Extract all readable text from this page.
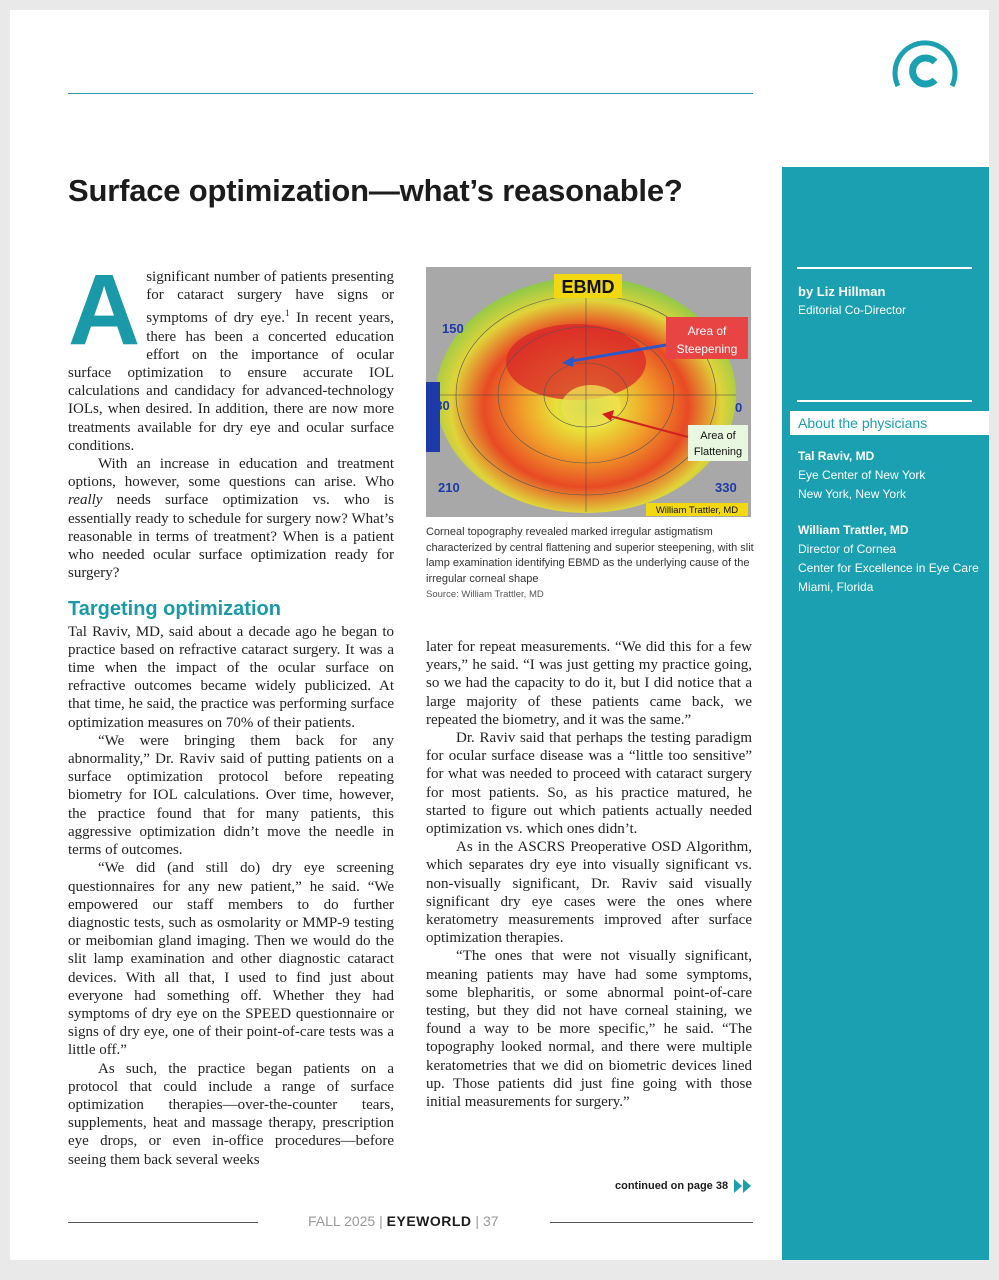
Surface optimization—what’s reasonable?
A significant number of patients presenting for cataract surgery have signs or symptoms of dry eye.$^1$ In recent years, there has been a concerted education effort on the importance of ocular surface optimization to ensure accurate IOL calculations and candidacy for advanced-technology IOLs, when desired. In addition, there are now more treatments available for dry eye and ocular surface conditions.

With an increase in education and treatment options, however, some questions can arise. Who really needs surface optimization vs. who is essentially ready to schedule for surgery now? What’s reasonable in terms of treatment? When is a patient who needed ocular surface optimization ready for surgery?

Targeting optimization

Tal Raviv, MD, said about a decade ago he began to practice based on refractive cataract surgery. It was a time when the impact of the ocular surface on refractive outcomes became widely publicized. At that time, he said, the practice was performing surface optimization measures on 70% of their patients.

“We were bringing them back for any abnormality,” Dr. Raviv said of putting patients on a surface optimization protocol before repeating biometry for IOL calculations. Over time, however, the practice found that for many patients, this aggressive optimization didn’t move the needle in terms of outcomes.

“We did (and still do) dry eye screening questionnaires for any new patient,” he said. “We empowered our staff members to do further diagnostic tests, such as osmolarity or MMP-9 testing or meibomian gland imaging. Then we would do the slit lamp examination and other diagnostic cataract devices. With all that, I used to find just about everyone had something off. Whether they had symptoms of dry eye on the SPEED questionnaire or signs of dry eye, one of their point-of-care tests was a little off.”

As such, the practice began patients on a protocol that could include a range of surface optimization therapies—over-the-counter tears, supplements, heat and massage therapy, prescription eye drops, or even in-office procedures—before seeing them back several weeks

EBMD
150
180	0
210	330
Area of
Steepening
Area of
Flattening
William Trattler, MD
Corneal topography revealed marked irregular astigmatism characterized by central flattening and superior steepening, with slit lamp examination identifying EBMD as the underlying cause of the irregular corneal shape
Source: William Trattler, MD

later for repeat measurements. “We did this for a few years,” he said. “I was just getting my practice going, so we had the capacity to do it, but I did notice that a large majority of these patients came back, we repeated the biometry, and it was the same.”

Dr. Raviv said that perhaps the testing paradigm for ocular surface disease was a “little too sensitive” for what was needed to proceed with cataract surgery for most patients. So, as his practice matured, he started to figure out which patients actually needed optimization vs. which ones didn’t.

As in the ASCRS Preoperative OSD Algorithm, which separates dry eye into visually significant vs. non-visually significant, Dr. Raviv said visually significant dry eye cases were the ones where keratometry measurements improved after surface optimization therapies.

“The ones that were not visually significant, meaning patients may have had some symptoms, some blepharitis, or some abnormal point-of-care testing, but they did not have corneal staining, we found a way to be more specific,” he said. “The topography looked normal, and there were multiple keratometries that we did on biometric devices lined up. Those patients did just fine going with those initial measurements for surgery.”

continued on page 38
by Liz Hillman
Editorial Co-Director
About the physicians
Tal Raviv, MD
Eye Center of New York
New York, New York
William Trattler, MD
Director of Cornea
Center for Excellence in Eye Care
Miami, Florida
FALL 2025 | EYEWORLD | 37
